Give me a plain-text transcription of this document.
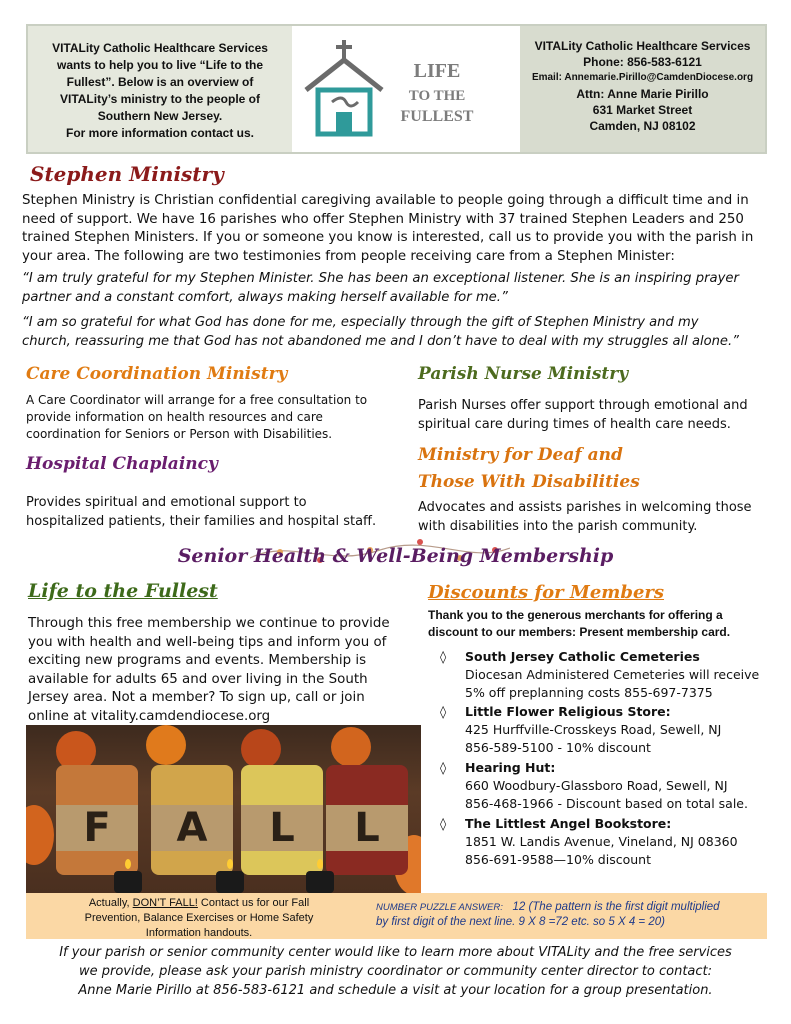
VITALity Catholic Healthcare Services
wants to help you to live “Life to the
Fullest”. Below is an overview of
VITALity’s ministry to the people of
Southern New Jersey.
For more information contact us.
LIFE
TO THE
FULLEST
VITALity Catholic Healthcare Services
Phone: 856-583-6121
Email: Annemarie.Pirillo@CamdenDiocese.org
Attn: Anne Marie Pirillo
631 Market Street
Camden, NJ 08102
Stephen Ministry
Stephen Ministry is Christian confidential caregiving available to people going through a difficult time and in
need of support. We have 16 parishes who offer Stephen Ministry with 37 trained Stephen Leaders and 250
trained Stephen Ministers. If you or someone you know is interested, call us to provide you with the parish in
your area. The following are two testimonies from people receiving care from a Stephen Minister:
“I am truly grateful for my Stephen Minister. She has been an exceptional listener. She is an inspiring prayer
partner and a constant comfort, always making herself available for me.”
“I am so grateful for what God has done for me, especially through the gift of Stephen Ministry and my
church, reassuring me that God has not abandoned me and I don’t have to deal with my struggles all alone.”
Care Coordination Ministry
A Care Coordinator will arrange for a free consultation to
provide information on health resources and care
coordination for Seniors or Person with Disabilities.
Parish Nurse Ministry
Parish Nurses offer support through emotional and
spiritual care during times of health care needs.
Hospital Chaplaincy
Provides spiritual and emotional support to
hospitalized patients, their families and hospital staff.
Ministry for Deaf and
Those With Disabilities
Advocates and assists parishes in welcoming those
with disabilities into the parish community.
Senior Health & Well-Being Membership
Life to the Fullest
Through this free membership we continue to provide
you with health and well-being tips and inform you of
exciting new programs and events. Membership is
available for adults 65 and over living in the South
Jersey area. Not a member? To sign up, call or join
online at vitality.camdendiocese.org
Discounts for Members
Thank you to the generous merchants for offering a
discount to our members: Present membership card.
◊ South Jersey Catholic Cemeteries
Diocesan Administered Cemeteries will receive
5% off preplanning costs 855-697-7375
◊ Little Flower Religious Store:
425 Hurffville-Crosskeys Road, Sewell, NJ
856-589-5100 - 10% discount
◊ Hearing Hut:
660 Woodbury-Glassboro Road, Sewell, NJ
856-468-1966 - Discount based on total sale.
◊ The Littlest Angel Bookstore:
1851 W. Landis Avenue, Vineland, NJ 08360
856-691-9588—10% discount
F	A	L	L
Actually, DON’T FALL! Contact us for our Fall
Prevention, Balance Exercises or Home Safety
Information handouts.
NUMBER PUZZLE ANSWER: 12 (The pattern is the first digit multiplied
by first digit of the next line. 9 X 8 =72 etc. so 5 X 4 = 20)
If your parish or senior community center would like to learn more about VITALity and the free services
we provide, please ask your parish ministry coordinator or community center director to contact:
Anne Marie Pirillo at 856-583-6121 and schedule a visit at your location for a group presentation.
